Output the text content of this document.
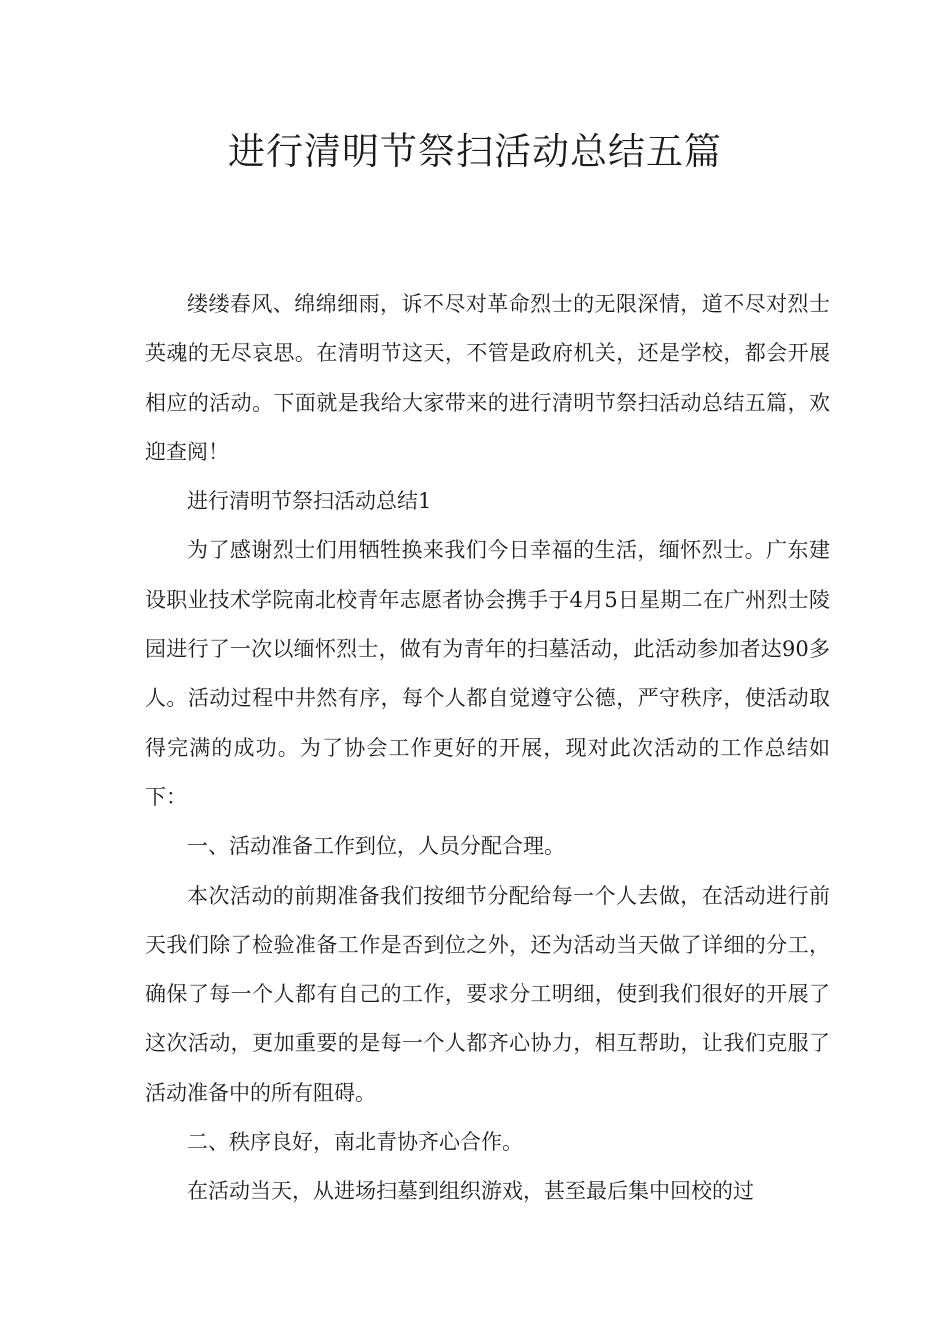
进行清明节祭扫活动总结五篇

缕缕春风、绵绵细雨，诉不尽对革命烈士的无限深情，道不尽对烈士英魂的无尽哀思。在清明节这天，不管是政府机关，还是学校，都会开展相应的活动。下面就是我给大家带来的进行清明节祭扫活动总结五篇，欢迎查阅！

进行清明节祭扫活动总结1

为了感谢烈士们用牺牲换来我们今日幸福的生活，缅怀烈士。广东建设职业技术学院南北校青年志愿者协会携手于4月5日星期二在广州烈士陵园进行了一次以缅怀烈士，做有为青年的扫墓活动，此活动参加者达90多人。活动过程中井然有序，每个人都自觉遵守公德，严守秩序，使活动取得完满的成功。为了协会工作更好的开展，现对此次活动的工作总结如下：

一、活动准备工作到位，人员分配合理。

本次活动的前期准备我们按细节分配给每一个人去做，在活动进行前天我们除了检验准备工作是否到位之外，还为活动当天做了详细的分工，确保了每一个人都有自己的工作，要求分工明细，使到我们很好的开展了这次活动，更加重要的是每一个人都齐心协力，相互帮助，让我们克服了活动准备中的所有阻碍。

二、秩序良好，南北青协齐心合作。

在活动当天，从进场扫墓到组织游戏，甚至最后集中回校的过
